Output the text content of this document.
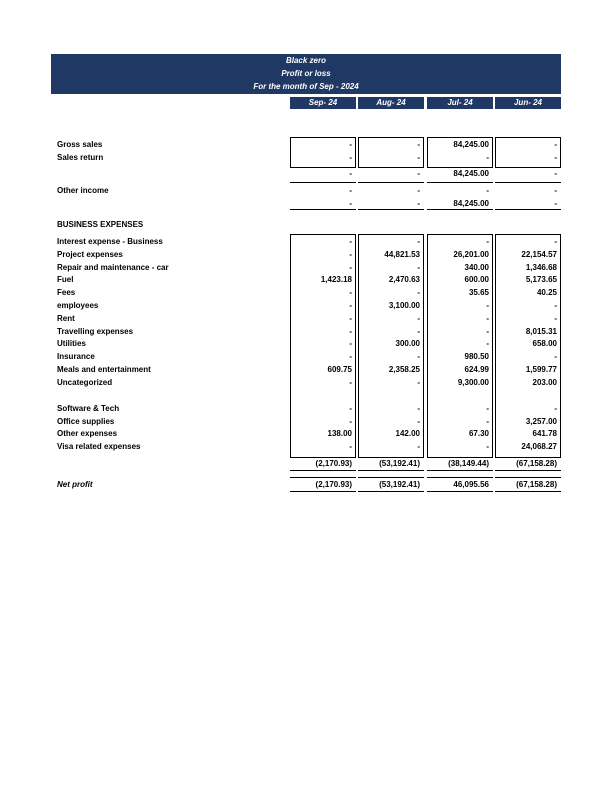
Black zero
Profit or loss
For the month of Sep - 2024
Sep- 24	Aug- 24	Jul- 24	Jun- 24
Gross sales	-	-	84,245.00	-
Sales return	-	-	-	-
-	-	84,245.00	-
Other income	-	-	-	-
-	-	84,245.00	-
BUSINESS EXPENSES
Interest expense - Business	-	-	-	-
Project expenses	-	44,821.53	26,201.00	22,154.57
Repair and maintenance - car	-	-	340.00	1,346.68
Fuel	1,423.18	2,470.63	600.00	5,173.65
Fees	-	-	35.65	40.25
employees	-	3,100.00	-	-
Rent	-	-	-	-
Travelling expenses	-	-	-	8,015.31
Utilities	-	300.00	-	658.00
Insurance	-	-	980.50	-
Meals and entertainment	609.75	2,358.25	624.99	1,599.77
Uncategorized	-	-	9,300.00	203.00
Software & Tech	-	-	-	-
Office supplies	-	-	-	3,257.00
Other expenses	138.00	142.00	67.30	641.78
Visa related expenses	-	-	-	24,068.27
(2,170.93)	(53,192.41)	(38,149.44)	(67,158.28)
Net profit	(2,170.93)	(53,192.41)	46,095.56	(67,158.28)
